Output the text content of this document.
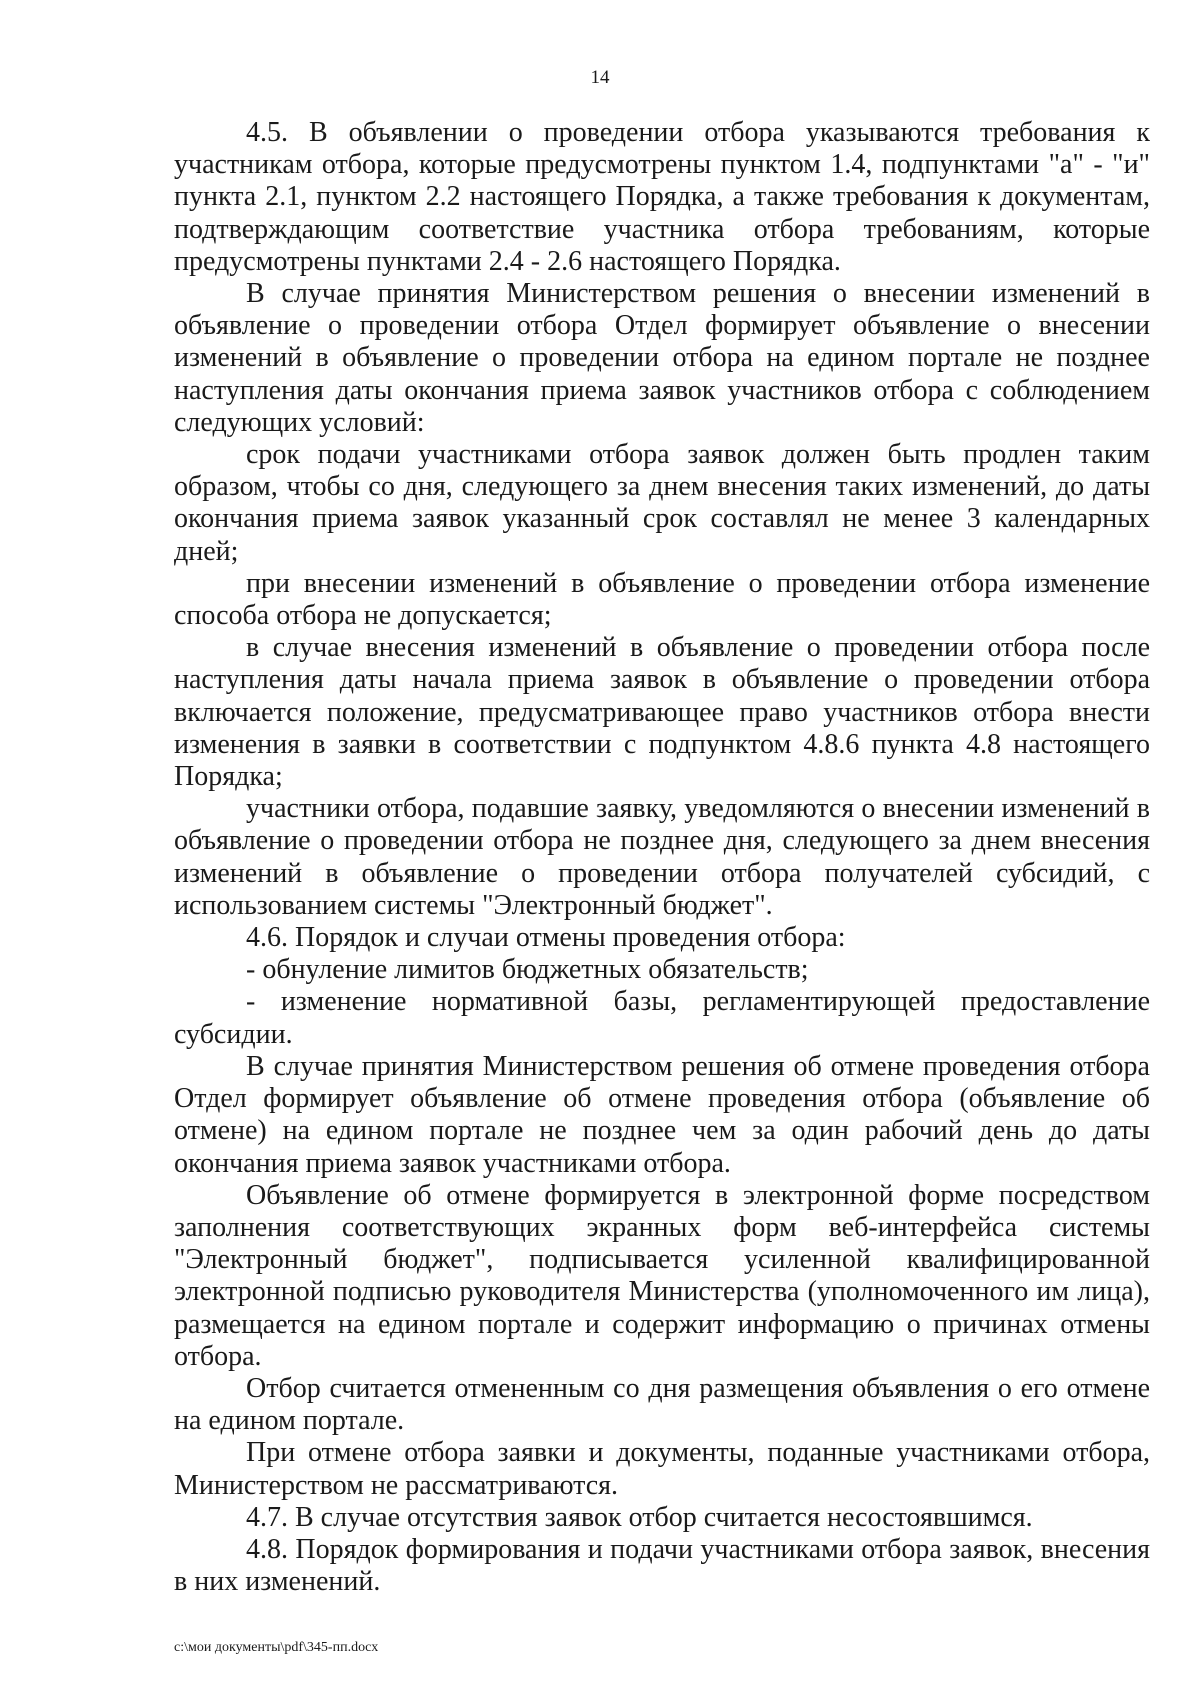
14

4.5. В объявлении о проведении отбора указываются требования к участникам отбора, которые предусмотрены пунктом 1.4, подпунктами "а" - "и" пункта 2.1, пунктом 2.2 настоящего Порядка, а также требования к документам, подтверждающим соответствие участника отбора требованиям, которые предусмотрены пунктами 2.4 - 2.6 настоящего Порядка.

В случае принятия Министерством решения о внесении изменений в объявление о проведении отбора Отдел формирует объявление о внесении изменений в объявление о проведении отбора на едином портале не позднее наступления даты окончания приема заявок участников отбора с соблюдением следующих условий:

срок подачи участниками отбора заявок должен быть продлен таким образом, чтобы со дня, следующего за днем внесения таких изменений, до даты окончания приема заявок указанный срок составлял не менее 3 календарных дней;

при внесении изменений в объявление о проведении отбора изменение способа отбора не допускается;

в случае внесения изменений в объявление о проведении отбора после наступления даты начала приема заявок в объявление о проведении отбора включается положение, предусматривающее право участников отбора внести изменения в заявки в соответствии с подпунктом 4.8.6 пункта 4.8 настоящего Порядка;

участники отбора, подавшие заявку, уведомляются о внесении изменений в объявление о проведении отбора не позднее дня, следующего за днем внесения изменений в объявление о проведении отбора получателей субсидий, с использованием системы "Электронный бюджет".

4.6. Порядок и случаи отмены проведения отбора:

- обнуление лимитов бюджетных обязательств;

- изменение нормативной базы, регламентирующей предоставление субсидии.

В случае принятия Министерством решения об отмене проведения отбора Отдел формирует объявление об отмене проведения отбора (объявление об отмене) на едином портале не позднее чем за один рабочий день до даты окончания приема заявок участниками отбора.

Объявление об отмене формируется в электронной форме посредством заполнения соответствующих экранных форм веб-интерфейса системы "Электронный бюджет", подписывается усиленной квалифицированной электронной подписью руководителя Министерства (уполномоченного им лица), размещается на едином портале и содержит информацию о причинах отмены отбора.

Отбор считается отмененным со дня размещения объявления о его отмене на едином портале.

При отмене отбора заявки и документы, поданные участниками отбора, Министерством не рассматриваются.

4.7. В случае отсутствия заявок отбор считается несостоявшимся.

4.8. Порядок формирования и подачи участниками отбора заявок, внесения в них изменений.

c:\мои документы\pdf\345-пп.docx
